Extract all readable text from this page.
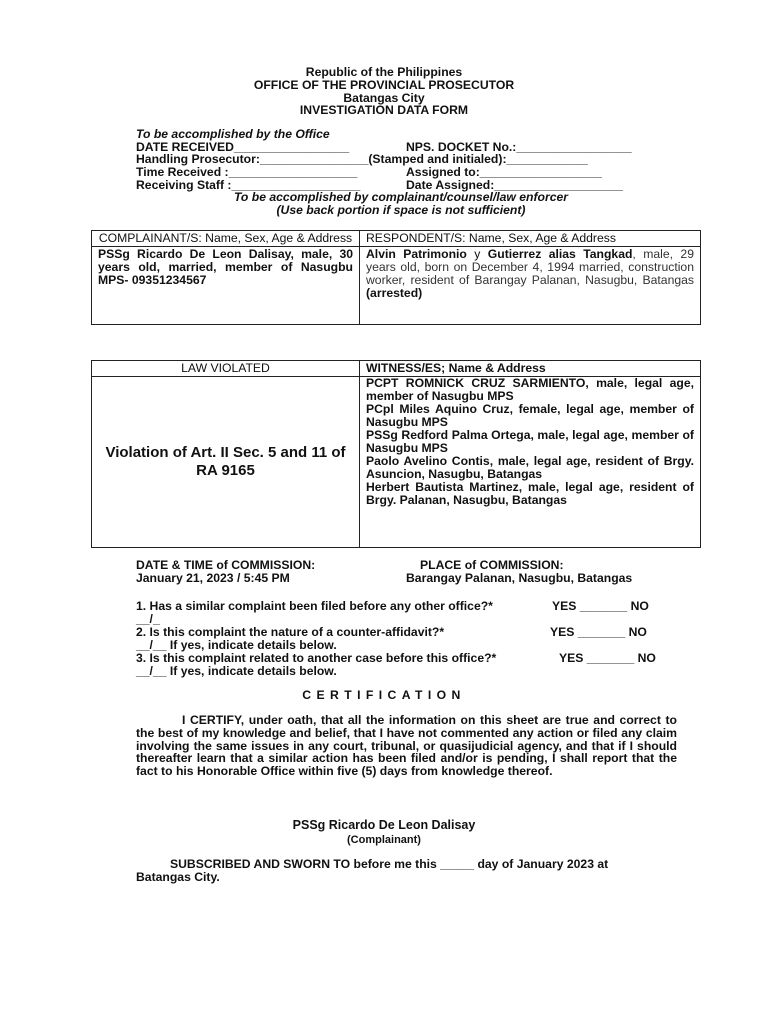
Republic of the Philippines
OFFICE OF THE PROVINCIAL PROSECUTOR
Batangas City
INVESTIGATION DATA FORM
To be accomplished by the Office
DATE RECEIVED_________________	NPS. DOCKET No.:_________________
Handling Prosecutor:________________(Stamped and initialed):____________
Time Received :___________________	Assigned to:__________________
Receiving Staff :___________________	Date Assigned:___________________
To be accomplished by complainant/counsel/law enforcer
(Use back portion if space is not sufficient)
COMPLAINANT/S: Name, Sex, Age & Address	RESPONDENT/S: Name, Sex, Age & Address
PSSg Ricardo De Leon Dalisay, male, 30 years old, married, member of Nasugbu MPS- 09351234567	Alvin Patrimonio y Gutierrez alias Tangkad, male, 29 years old, born on December 4, 1994 married, construction worker, resident of Barangay Palanan, Nasugbu, Batangas (arrested)
LAW VIOLATED	WITNESS/ES; Name & Address
Violation of Art. II Sec. 5 and 11 of RA 9165	PCPT ROMNICK CRUZ SARMIENTO, male, legal age, member of Nasugbu MPS
PCpl Miles Aquino Cruz, female, legal age, member of Nasugbu MPS
PSSg Redford Palma Ortega, male, legal age, member of Nasugbu MPS
Paolo Avelino Contis, male, legal age, resident of Brgy. Asuncion, Nasugbu, Batangas
Herbert Bautista Martinez, male, legal age, resident of Brgy. Palanan, Nasugbu, Batangas
DATE & TIME of COMMISSION:	PLACE of COMMISSION:
January 21, 2023 / 5:45 PM	Barangay Palanan, Nasugbu, Batangas
1. Has a similar complaint been filed before any other office?*	YES _______ NO
__/_
2. Is this complaint the nature of a counter-affidavit?*	YES _______ NO
__/__ If yes, indicate details below.
3. Is this complaint related to another case before this office?*	YES _______ NO
__/__ If yes, indicate details below.
CERTIFICATION
I CERTIFY, under oath, that all the information on this sheet are true and correct to the best of my knowledge and belief, that I have not commented any action or filed any claim involving the same issues in any court, tribunal, or quasijudicial agency, and that if I should thereafter learn that a similar action has been filed and/or is pending, I shall report that the fact to his Honorable Office within five (5) days from knowledge thereof.
PSSg Ricardo De Leon Dalisay
(Complainant)
SUBSCRIBED AND SWORN TO before me this _____ day of January 2023 at Batangas City.
